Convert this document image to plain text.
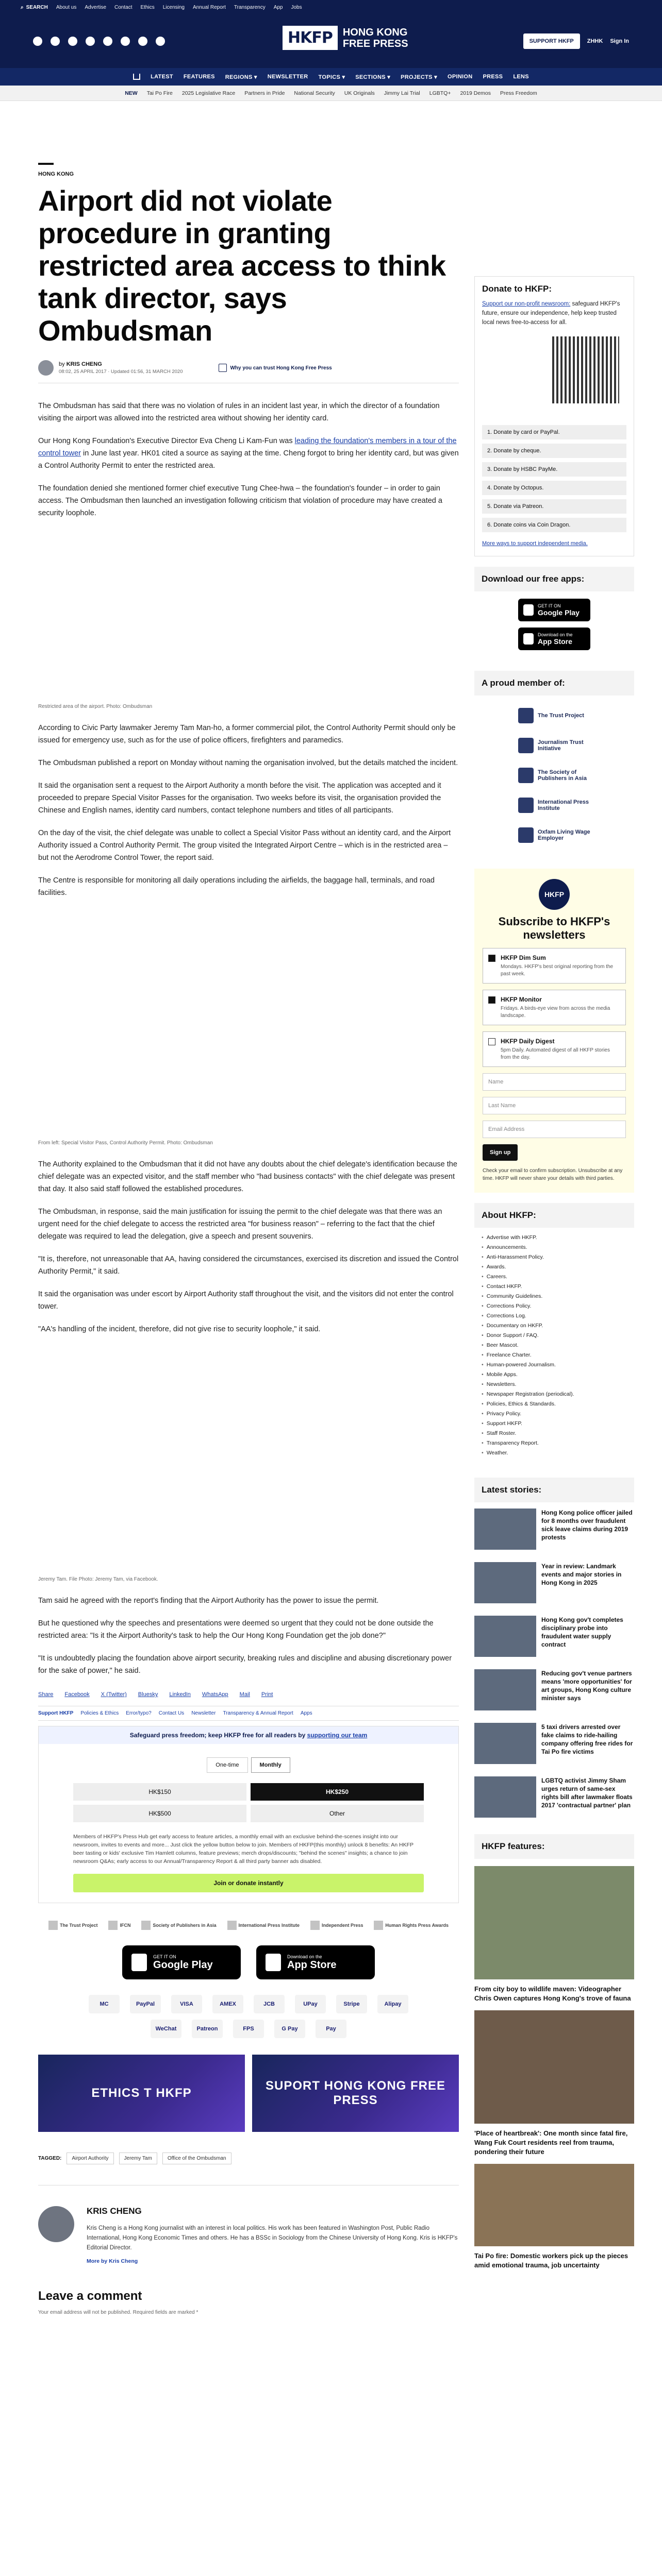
⌕ SEARCH About us Advertise Contact Ethics Licensing Annual Report Transparency App Jobs
HKFP	HONG KONG
FREE PRESS	SUPPORT HKFP	ZHHK Sign In
LATEST FEATURES REGIONS ▾ NEWSLETTER TOPICS ▾ SECTIONS ▾ PROJECTS ▾ OPINION PRESS LENS
NEW Tai Po Fire 2025 Legislative Race Partners in Pride National Security UK Originals Jimmy Lai Trial LGBTQ+ 2019 Demos Press Freedom
HONG KONG
Airport did not violate procedure in granting restricted area access to think tank director, says Ombudsman
by KRIS CHENG
08:02, 25 APRIL 2017 · Updated 01:56, 31 MARCH 2020
Why you can trust Hong Kong Free Press

The Ombudsman has said that there was no violation of rules in an incident last year, in which the director of a foundation visiting the airport was allowed into the restricted area without showing her identity card.

Our Hong Kong Foundation's Executive Director Eva Cheng Li Kam-Fun was leading the foundation's members in a tour of the control tower in June last year. HK01 cited a source as saying at the time. Cheng forgot to bring her identity card, but was given a Control Authority Permit to enter the restricted area.

The foundation denied she mentioned former chief executive Tung Chee-hwa – the foundation's founder – in order to gain access. The Ombudsman then launched an investigation following criticism that violation of procedure may have created a security loophole.

Restricted area of the airport. Photo: Ombudsman

According to Civic Party lawmaker Jeremy Tam Man-ho, a former commercial pilot, the Control Authority Permit should only be issued for emergency use, such as for the use of police officers, firefighters and paramedics.

The Ombudsman published a report on Monday without naming the organisation involved, but the details matched the incident.

It said the organisation sent a request to the Airport Authority a month before the visit. The application was accepted and it proceeded to prepare Special Visitor Passes for the organisation. Two weeks before its visit, the organisation provided the Chinese and English names, identity card numbers, contact telephone numbers and titles of all participants.

On the day of the visit, the chief delegate was unable to collect a Special Visitor Pass without an identity card, and the Airport Authority issued a Control Authority Permit. The group visited the Integrated Airport Centre – which is in the restricted area – but not the Aerodrome Control Tower, the report said.

The Centre is responsible for monitoring all daily operations including the airfields, the baggage hall, terminals, and road facilities.

From left: Special Visitor Pass, Control Authority Permit. Photo: Ombudsman

The Authority explained to the Ombudsman that it did not have any doubts about the chief delegate's identification because the chief delegate was an expected visitor, and the staff member who "had business contacts" with the chief delegate was present that day. It also said staff followed the established procedures.

The Ombudsman, in response, said the main justification for issuing the permit to the chief delegate was that there was an urgent need for the chief delegate to access the restricted area "for business reason" – referring to the fact that the chief delegate was required to lead the delegation, give a speech and present souvenirs.

"It is, therefore, not unreasonable that AA, having considered the circumstances, exercised its discretion and issued the Control Authority Permit," it said.

It said the organisation was under escort by Airport Authority staff throughout the visit, and the visitors did not enter the control tower.

"AA's handling of the incident, therefore, did not give rise to security loophole," it said.

Jeremy Tam. File Photo: Jeremy Tam, via Facebook.

Tam said he agreed with the report's finding that the Airport Authority has the power to issue the permit.

But he questioned why the speeches and presentations were deemed so urgent that they could not be done outside the restricted area: "Is it the Airport Authority's task to help the Our Hong Kong Foundation get the job done?"

"It is undoubtedly placing the foundation above airport security, breaking rules and discipline and abusing discretionary power for the sake of power," he said.

Share Facebook X (Twitter) Bluesky LinkedIn WhatsApp Mail Print
Support HKFP Policies & Ethics Error/typo? Contact Us Newsletter Transparency & Annual Report Apps
Safeguard press freedom; keep HKFP free for all readers by supporting our team
One-time	Monthly
HK$150	HK$250
HK$500	Other
Members of HKFP's Press Hub get early access to feature articles, a monthly email with an exclusive behind-the-scenes insight into our newsroom, invites to events and more... Just click the yellow button below to join. Members of HKFP(this monthly) unlock 8 benefits: An HKFP beer tasting or kids' exclusive Tim Hamlett columns, feature previews; merch drops/discounts; "behind the scenes" insights; a chance to join newsroom Q&As; early access to our Annual/Transparency Report & all third party banner ads disabled.
Join or donate instantly
The Trust Project	IFCN	Society of Publishers in Asia	International Press Institute	Independent Press	Human Rights Press Awards
GET IT ON
Google Play
Download on the
App Store
MC	PayPal	VISA	AMEX	JCB	UPay	Stripe	Alipay
WeChat	Patreon	FPS	G Pay	Pay
ETHICS T HKFP
SUPORT HONG KONG FREE PRESS
TAGGED:	Airport Authority	Jeremy Tam	Office of the Ombudsman
KRIS CHENG
Kris Cheng is a Hong Kong journalist with an interest in local politics. His work has been featured in Washington Post, Public Radio International, Hong Kong Economic Times and others. He has a BSSc in Sociology from the Chinese University of Hong Kong. Kris is HKFP's Editorial Director.
More by Kris Cheng
Leave a comment
Your email address will not be published. Required fields are marked *
Donate to HKFP:
Support our non-profit newsroom: safeguard HKFP's future, ensure our independence, help keep trusted local news free-to-access for all.
1. Donate by card or PayPal.
2. Donate by cheque.
3. Donate by HSBC PayMe.
4. Donate by Octopus.
5. Donate via Patreon.
6. Donate coins via Coin Dragon.
More ways to support independent media.
Download our free apps:
GET IT ON
Google Play
Download on the
App Store
A proud member of:
The Trust Project
Journalism Trust Initiative
The Society of Publishers in Asia
International Press Institute
Oxfam Living Wage Employer
HKFP
Subscribe to HKFP's newsletters
HKFP Dim Sum

Mondays. HKFP's best original reporting from the past week.

HKFP Monitor

Fridays. A birds-eye view from across the media landscape.

HKFP Daily Digest

5pm Daily. Automated digest of all HKFP stories from the day.

Name
Last Name
Email Address
Sign up
Check your email to confirm subscription. Unsubscribe at any time. HKFP will never share your details with third parties.
About HKFP:
• Advertise with HKFP.
• Announcements.
• Anti-Harassment Policy.
• Awards.
• Careers.
• Contact HKFP.
• Community Guidelines.
• Corrections Policy.
• Corrections Log.
• Documentary on HKFP.
• Donor Support / FAQ.
• Beer Mascot.
• Freelance Charter.
• Human-powered Journalism.
• Mobile Apps.
• Newsletters.
• Newspaper Registration (periodical).
• Policies, Ethics & Standards.
• Privacy Policy.
• Support HKFP.
• Staff Roster.
• Transparency Report.
• Weather.
Latest stories:
Hong Kong police officer jailed for 8 months over fraudulent sick leave claims during 2019 protests
Year in review: Landmark events and major stories in Hong Kong in 2025
Hong Kong gov't completes disciplinary probe into fraudulent water supply contract
Reducing gov't venue partners means 'more opportunities' for art groups, Hong Kong culture minister says
5 taxi drivers arrested over fake claims to ride-hailing company offering free rides for Tai Po fire victims
LGBTQ activist Jimmy Sham urges return of same-sex rights bill after lawmaker floats 2017 'contractual partner' plan
HKFP features:
From city boy to wildlife maven: Videographer Chris Owen captures Hong Kong's trove of fauna
'Place of heartbreak': One month since fatal fire, Wang Fuk Court residents reel from trauma, pondering their future
Tai Po fire: Domestic workers pick up the pieces amid emotional trauma, job uncertainty
